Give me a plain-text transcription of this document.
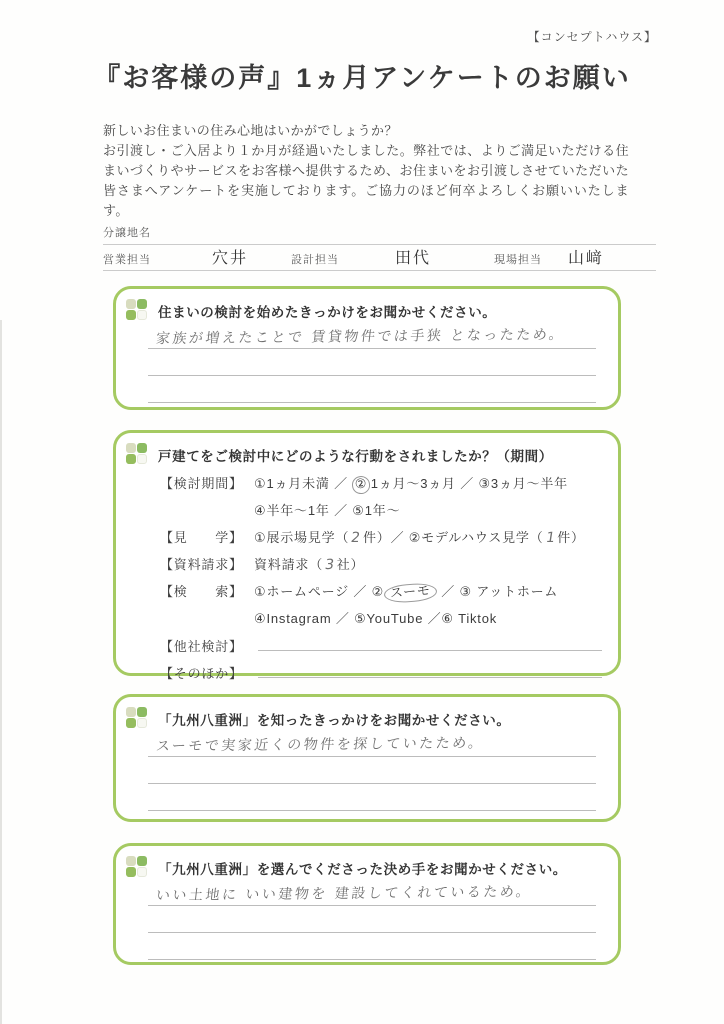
【コンセプトハウス】
『お客様の声』1ヵ月アンケートのお願い
新しいお住まいの住み心地はいかがでしょうか？
お引渡し・ご入居より１か月が経過いたしました。弊社では、よりご満足いただける住まいづくりやサービスをお客様へ提供するため、お住まいをお引渡しさせていただいた皆さまへアンケートを実施しております。ご協力のほど何卒よろしくお願いいたします。
分譲地名
営業担当	穴井	設計担当	田代	現場担当 山﨑
住まいの検討を始めたきっかけをお聞かせください。
家族が増えたことで 賃貸物件では手狭 となったため。
戸建てをご検討中にどのような行動をされましたか？（期間）
【検討期間】 ①1ヵ月未満 ／ ② 1ヵ月～3ヵ月 ／ ③3ヵ月～半年
④半年～1年 ／ ⑤1年～
【見　　学】 ①展示場見学（2件）／ ②モデルハウス見学（1件）
【資料請求】 資料請求（3社）
【検　　索】 ①ホームページ ／ ② スーモ ／ ③ アットホーム
④Instagram ／ ⑤YouTube ／⑥ Tiktok
【他社検討】
【そのほか】
「九州八重洲」を知ったきっかけをお聞かせください。
スーモで実家近くの物件を探していたため。
「九州八重洲」を選んでくださった決め手をお聞かせください。
いい土地に いい建物を 建設してくれているため。
